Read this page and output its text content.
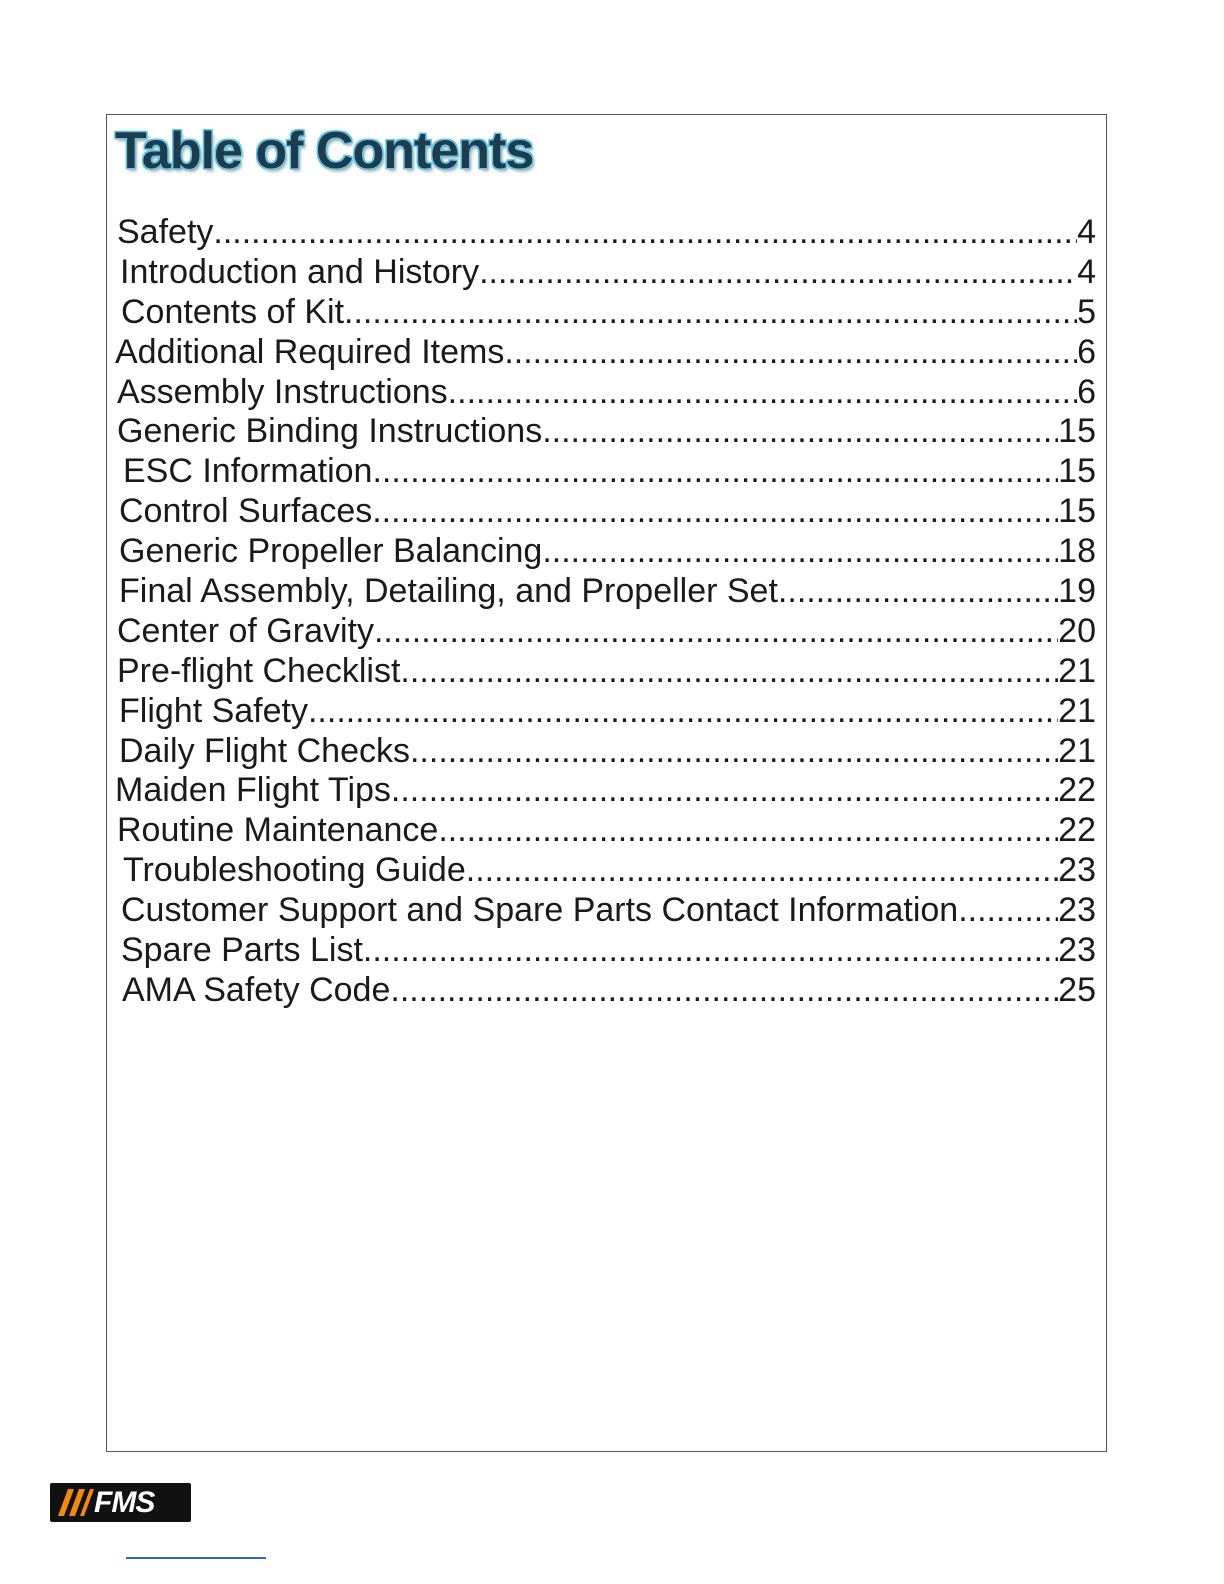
Table of Contents
Safety .....	4
Introduction and History .....	4
Contents of Kit .....	5
Additional Required Items .....	6
Assembly Instructions .....	6
Generic Binding Instructions .....	15
ESC Information .....	15
Control Surfaces .....	15
Generic Propeller Balancing .....	18
Final Assembly, Detailing, and Propeller Set .....	19
Center of Gravity .....	20
Pre-flight Checklist .....	21
Flight Safety .....	21
Daily Flight Checks .....	21
Maiden Flight Tips .....	22
Routine Maintenance .....	22
Troubleshooting Guide .....	23
Customer Support and Spare Parts Contact Information .....	23
Spare Parts List .....	23
AMA Safety Code .....	25
FMS
